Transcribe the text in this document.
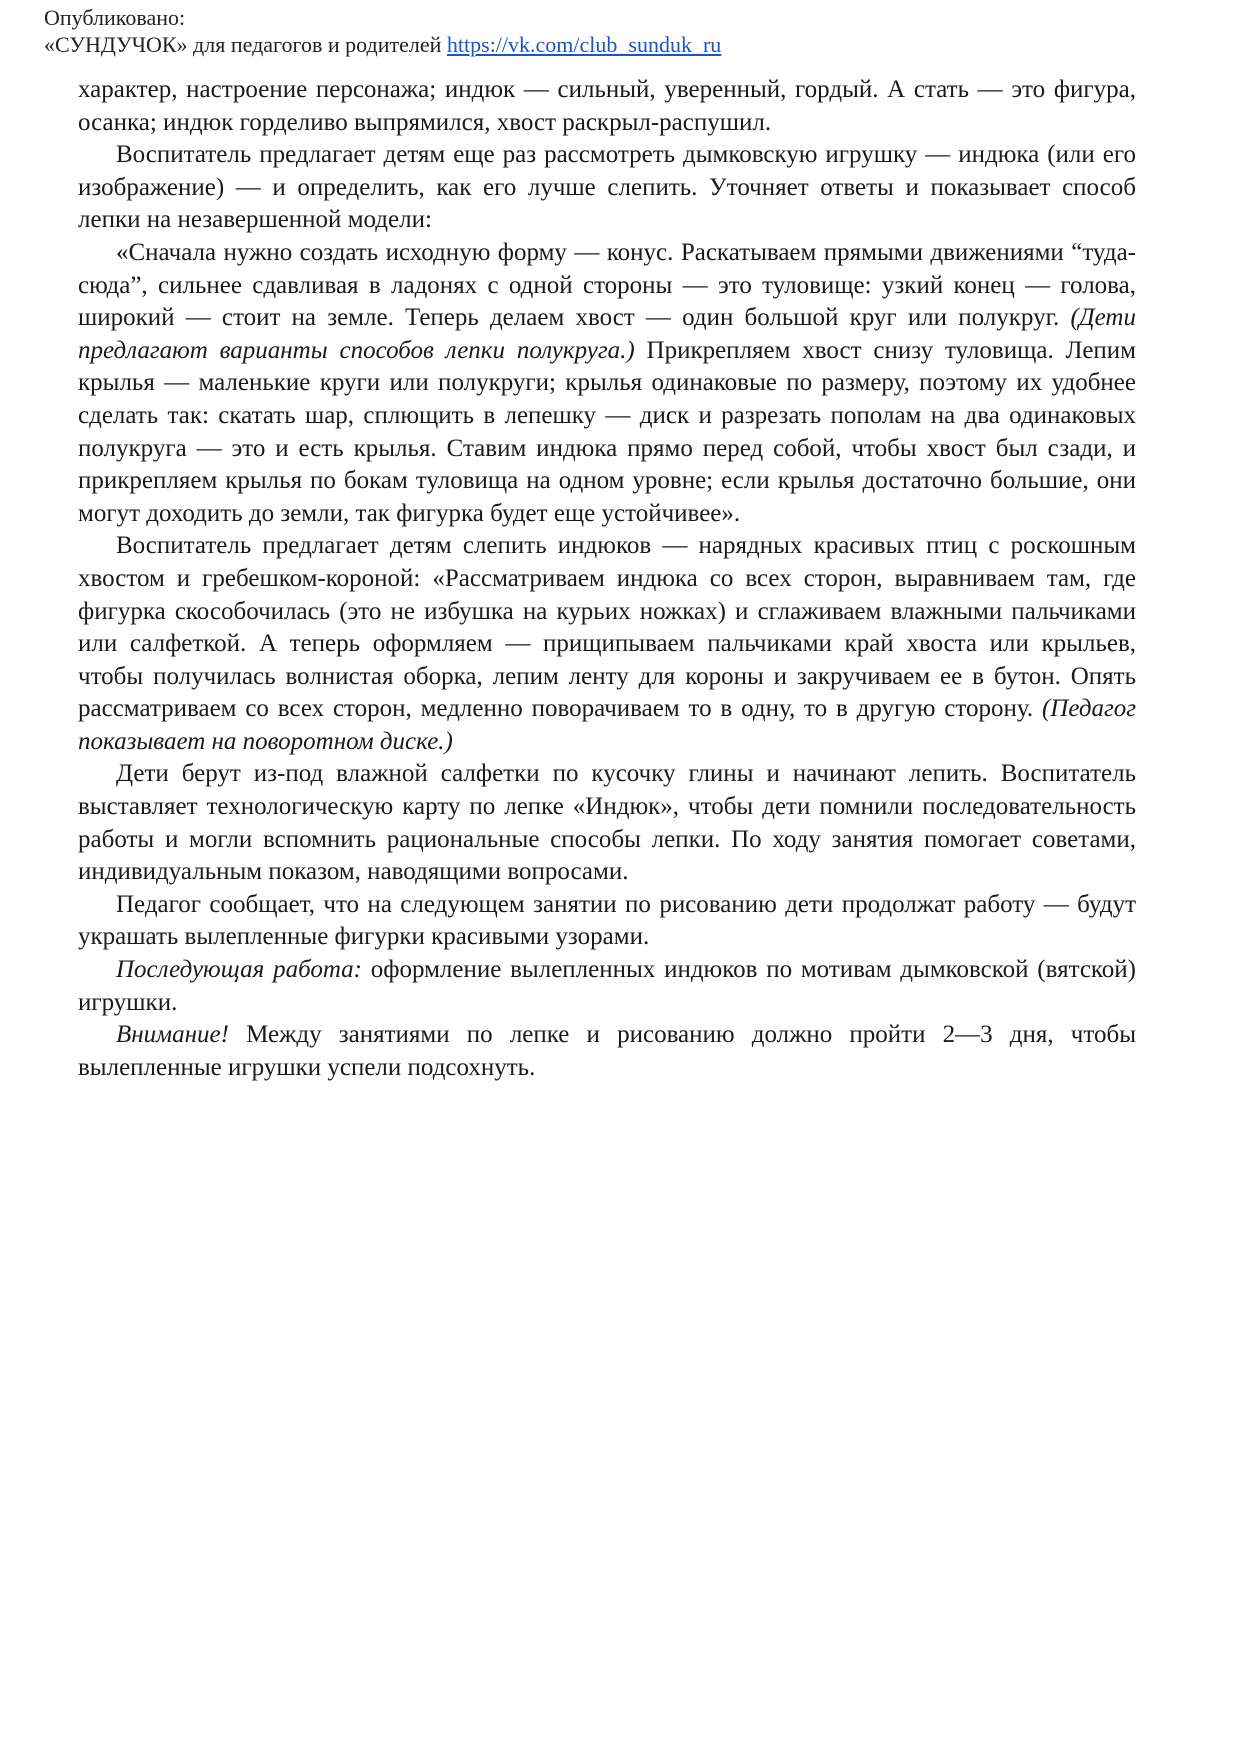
Опубликовано:
«СУНДУЧОК» для педагогов и родителей https://vk.com/club_sunduk_ru

характер, настроение персонажа; индюк — сильный, уверенный, гордый. А стать — это фигура, осанка; индюк горделиво выпрямился, хвост раскрыл-распушил.

Воспитатель предлагает детям еще раз рассмотреть дымковскую игрушку — индюка (или его изображение) — и определить, как его лучше слепить. Уточняет ответы и показывает способ лепки на незавершенной модели:

«Сначала нужно создать исходную форму — конус. Раскатываем прямыми движениями “туда-сюда”, сильнее сдавливая в ладонях с одной стороны — это туловище: узкий конец — голова, широкий — стоит на земле. Теперь делаем хвост — один большой круг или полукруг. (Дети предлагают варианты способов лепки полукруга.) Прикрепляем хвост снизу туловища. Лепим крылья — маленькие круги или полукруги; крылья одинаковые по размеру, поэтому их удобнее сделать так: скатать шар, сплющить в лепешку — диск и разрезать пополам на два одинаковых полукруга — это и есть крылья. Ставим индюка прямо перед собой, чтобы хвост был сзади, и прикрепляем крылья по бокам туловища на одном уровне; если крылья достаточно большие, они могут доходить до земли, так фигурка будет еще устойчивее».

Воспитатель предлагает детям слепить индюков — нарядных красивых птиц с роскошным хвостом и гребешком-короной: «Рассматриваем индюка со всех сторон, выравниваем там, где фигурка скособочилась (это не избушка на курьих ножках) и сглаживаем влажными пальчиками или салфеткой. А теперь оформляем — прищипываем пальчиками край хвоста или крыльев, чтобы получилась волнистая оборка, лепим ленту для короны и закручиваем ее в бутон. Опять рассматриваем со всех сторон, медленно поворачиваем то в одну, то в другую сторону. (Педагог показывает на поворотном диске.)

Дети берут из-под влажной салфетки по кусочку глины и начинают лепить. Воспитатель выставляет технологическую карту по лепке «Индюк», чтобы дети помнили последовательность работы и могли вспомнить рациональные способы лепки. По ходу занятия помогает советами, индивидуальным показом, наводящими вопросами.

Педагог сообщает, что на следующем занятии по рисованию дети продолжат работу — будут украшать вылепленные фигурки красивыми узорами.

Последующая работа: оформление вылепленных индюков по мотивам дымковской (вятской) игрушки.

Внимание! Между занятиями по лепке и рисованию должно пройти 2—3 дня, чтобы вылепленные игрушки успели подсохнуть.
